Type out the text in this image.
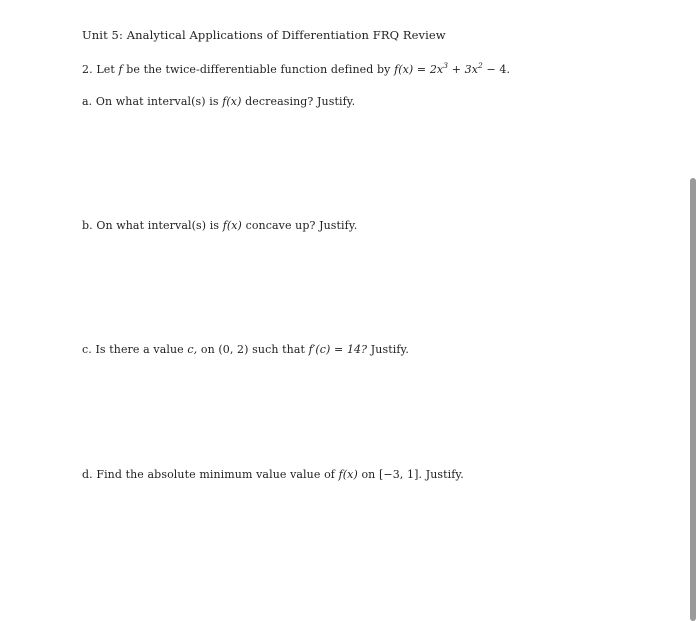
Unit 5: Analytical Applications of Differentiation FRQ Review
2. Let f be the twice-differentiable function defined by $f(x) = 2x^3 + 3x^2 - 4$.
a. On what interval(s) is f(x) decreasing? Justify.
b. On what interval(s) is f(x) concave up? Justify.
c. Is there a value c, on (0, 2) such that f′(c) = 14? Justify.
d. Find the absolute minimum value value of f(x) on [−3, 1]. Justify.
